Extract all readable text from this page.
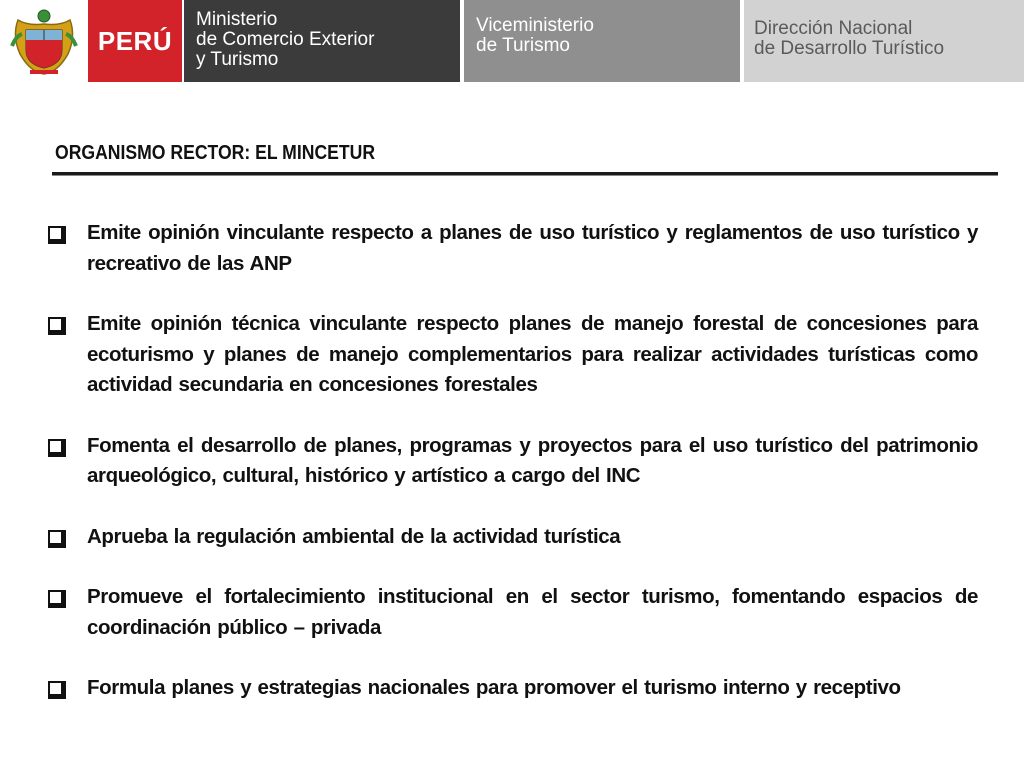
PERÚ
Ministerio
de Comercio Exterior
y Turismo
Viceministerio
de Turismo
Dirección Nacional
de Desarrollo Turístico
ORGANISMO RECTOR: EL MINCETUR
Emite opinión vinculante respecto a planes de uso turístico y reglamentos de uso turístico y recreativo de las ANP
Emite opinión técnica vinculante respecto planes de manejo forestal de concesiones para ecoturismo y planes de manejo complementarios para realizar actividades turísticas como actividad secundaria en concesiones forestales
Fomenta el desarrollo de planes, programas y proyectos para el uso turístico del patrimonio arqueológico, cultural, histórico y artístico a cargo del INC
Aprueba la regulación ambiental de la actividad turística
Promueve el fortalecimiento institucional en el sector turismo, fomentando espacios de coordinación público – privada
Formula planes y estrategias nacionales para promover el turismo interno y receptivo
